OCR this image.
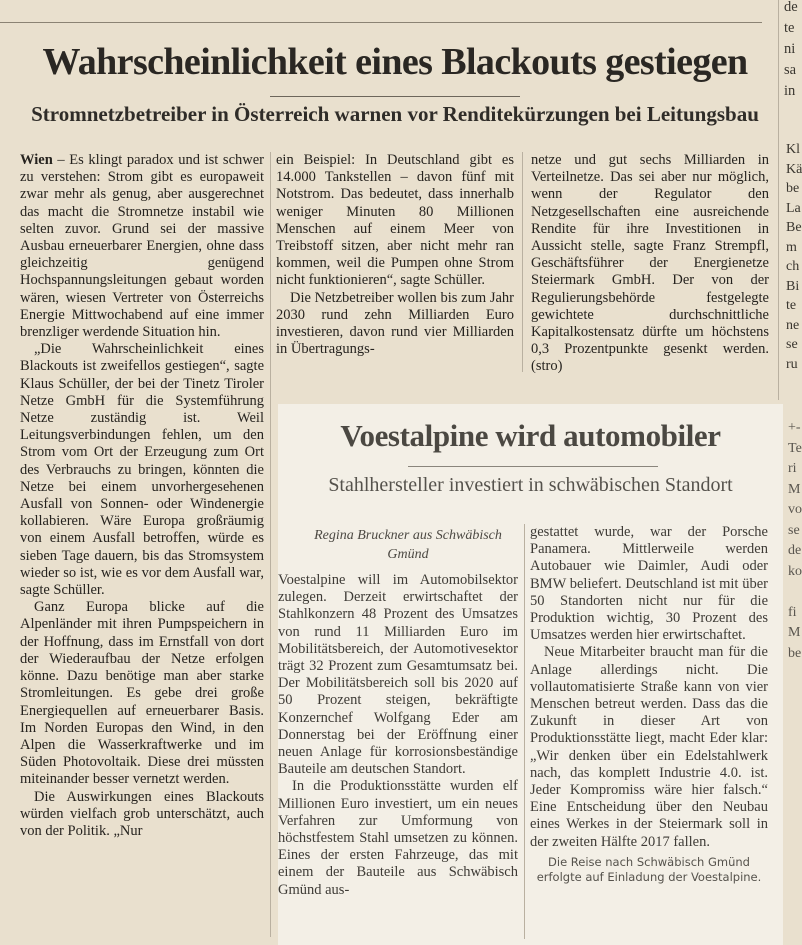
Wahrscheinlichkeit eines Blackouts gestiegen
Stromnetzbetreiber in Österreich warnen vor Renditekürzungen bei Leitungsbau

Wien – Es klingt paradox und ist schwer zu verstehen: Strom gibt es europaweit zwar mehr als genug, aber ausgerechnet das macht die Stromnetze instabil wie selten zuvor. Grund sei der massive Ausbau erneuerbarer Energien, ohne dass gleichzeitig genügend Hochspannungsleitungen gebaut worden wären, wiesen Vertreter von Österreichs Energie Mittwochabend auf eine immer brenzliger werdende Situation hin.

„Die Wahrscheinlichkeit eines Blackouts ist zweifellos gestiegen“, sagte Klaus Schüller, der bei der Tinetz Tiroler Netze GmbH für die Systemführung Netze zuständig ist. Weil Leitungsverbindungen fehlen, um den Strom vom Ort der Erzeugung zum Ort des Verbrauchs zu bringen, könnten die Netze bei einem unvorhergesehenen Ausfall von Sonnen- oder Windenergie kollabieren. Wäre Europa großräumig von einem Ausfall betroffen, würde es sieben Tage dauern, bis das Stromsystem wieder so ist, wie es vor dem Ausfall war, sagte Schüller.

Ganz Europa blicke auf die Alpenländer mit ihren Pumpspeichern in der Hoffnung, dass im Ernstfall von dort der Wiederaufbau der Netze erfolgen könne. Dazu benötige man aber starke Stromleitungen. Es gebe drei große Energiequellen auf erneuerbarer Basis. Im Norden Europas den Wind, in den Alpen die Wasserkraftwerke und im Süden Photovoltaik. Diese drei müssten miteinander besser vernetzt werden.

Die Auswirkungen eines Blackouts würden vielfach grob unterschätzt, auch von der Politik. „Nur

ein Beispiel: In Deutschland gibt es 14.000 Tankstellen – davon fünf mit Notstrom. Das bedeutet, dass innerhalb weniger Minuten 80 Millionen Menschen auf einem Meer von Treibstoff sitzen, aber nicht mehr ran kommen, weil die Pumpen ohne Strom nicht funktionieren“, sagte Schüller.

Die Netzbetreiber wollen bis zum Jahr 2030 rund zehn Milliarden Euro investieren, davon rund vier Milliarden in Übertragungs-

netze und gut sechs Milliarden in Verteilnetze. Das sei aber nur möglich, wenn der Regulator den Netzgesellschaften eine ausreichende Rendite für ihre Investitionen in Aussicht stelle, sagte Franz Strempfl, Geschäftsführer der Energienetze Steiermark GmbH. Der von der Regulierungsbehörde festgelegte gewichtete durchschnittliche Kapitalkostensatz dürfte um höchstens 0,3 Prozentpunkte gesenkt werden. (stro)

Voestalpine wird automobiler
Stahlhersteller investiert in schwäbischen Standort
Regina Bruckner aus Schwäbisch Gmünd

Voestalpine will im Automobilsektor zulegen. Derzeit erwirtschaftet der Stahlkonzern 48 Prozent des Umsatzes von rund 11 Milliarden Euro im Mobilitätsbereich, der Automotivesektor trägt 32 Prozent zum Gesamtumsatz bei. Der Mobilitätsbereich soll bis 2020 auf 50 Prozent steigen, bekräftigte Konzernchef Wolfgang Eder am Donnerstag bei der Eröffnung einer neuen Anlage für korrosionsbeständige Bauteile am deutschen Standort.

In die Produktionsstätte wurden elf Millionen Euro investiert, um ein neues Verfahren zur Umformung von höchstfestem Stahl umsetzen zu können. Eines der ersten Fahrzeuge, das mit einem der Bauteile aus Schwäbisch Gmünd aus-

gestattet wurde, war der Porsche Panamera. Mittlerweile werden Autobauer wie Daimler, Audi oder BMW beliefert. Deutschland ist mit über 50 Standorten nicht nur für die Produktion wichtig, 30 Prozent des Umsatzes werden hier erwirtschaftet.

Neue Mitarbeiter braucht man für die Anlage allerdings nicht. Die vollautomatisierte Straße kann von vier Menschen betreut werden. Dass das die Zukunft in dieser Art von Produktionsstätte liegt, macht Eder klar: „Wir denken über ein Edelstahlwerk nach, das komplett Industrie 4.0. ist. Jeder Kompromiss wäre hier falsch.“ Eine Entscheidung über den Neubau eines Werkes in der Steiermark soll in der zweiten Hälfte 2017 fallen.

Die Reise nach Schwäbisch Gmünd erfolgte auf Einladung der Voestalpine.
de
te
ni
sa
in
Kl
Kä
be
La
Be
m
ch
Bi
te
ne
se
ru
+-
Te
ri
M
vo
se
de
ko

fi
M
be
